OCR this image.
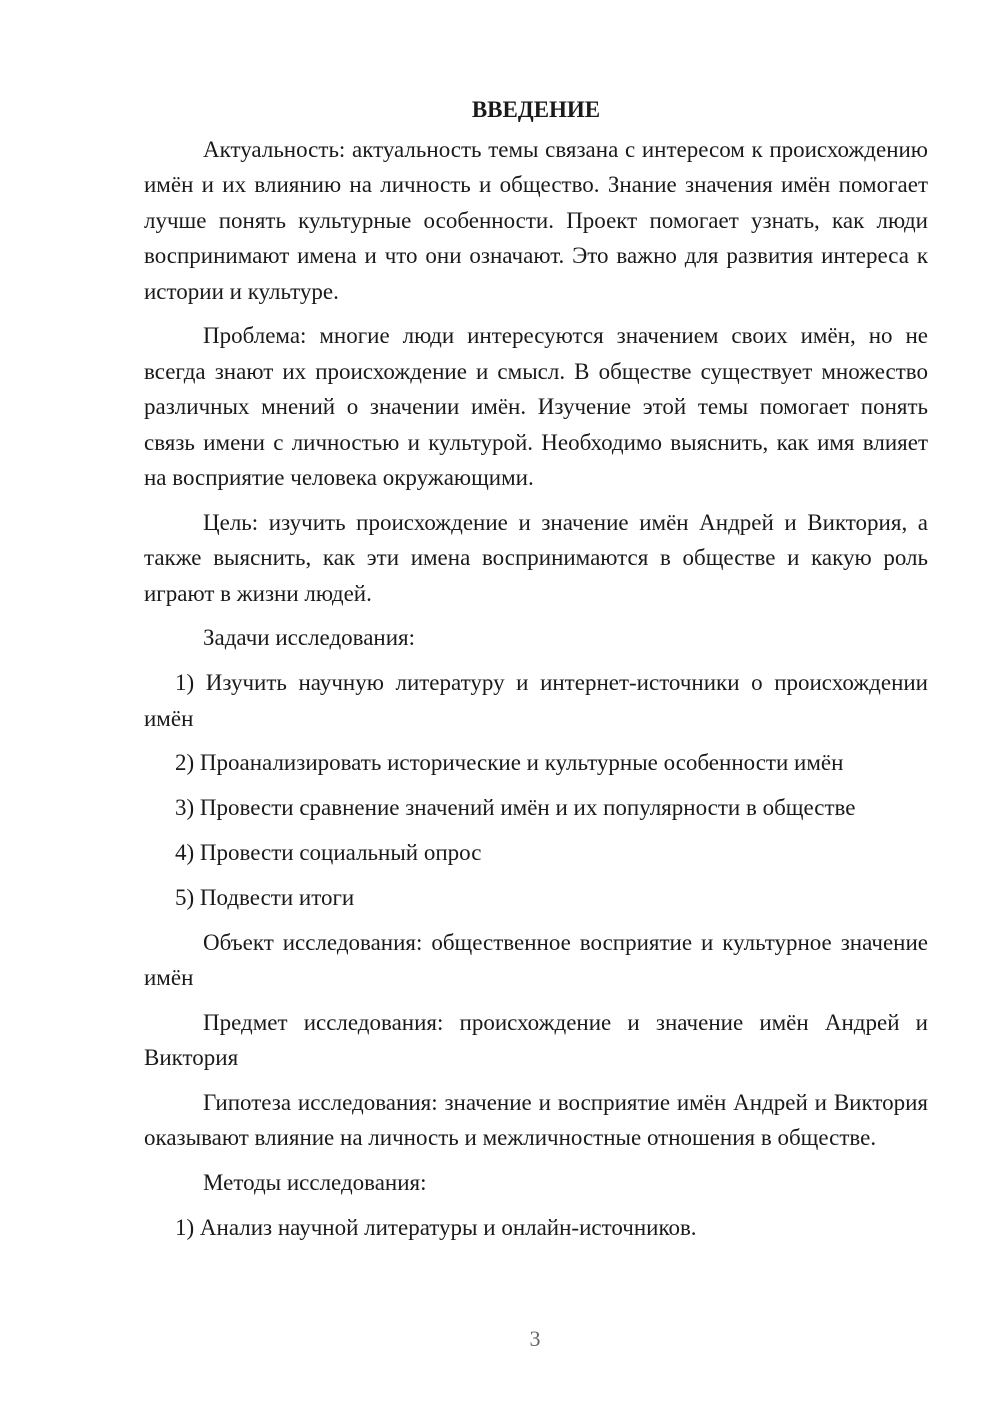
ВВЕДЕНИЕ

Актуальность: актуальность темы связана с интересом к происхождению имён и их влиянию на личность и общество. Знание значения имён помогает лучше понять культурные особенности. Проект помогает узнать, как люди воспринимают имена и что они означают. Это важно для развития интереса к истории и культуре.

Проблема: многие люди интересуются значением своих имён, но не всегда знают их происхождение и смысл. В обществе существует множество различных мнений о значении имён. Изучение этой темы помогает понять связь имени с личностью и культурой. Необходимо выяснить, как имя влияет на восприятие человека окружающими.

Цель: изучить происхождение и значение имён Андрей и Виктория, а также выяснить, как эти имена воспринимаются в обществе и какую роль играют в жизни людей.

Задачи исследования:

1) Изучить научную литературу и интернет-источники о происхождении имён

2) Проанализировать исторические и культурные особенности имён

3) Провести сравнение значений имён и их популярности в обществе

4) Провести социальный опрос

5) Подвести итоги

Объект исследования: общественное восприятие и культурное значение имён

Предмет исследования: происхождение и значение имён Андрей и Виктория

Гипотеза исследования: значение и восприятие имён Андрей и Виктория оказывают влияние на личность и межличностные отношения в обществе.

Методы исследования:

1) Анализ научной литературы и онлайн-источников.

3
